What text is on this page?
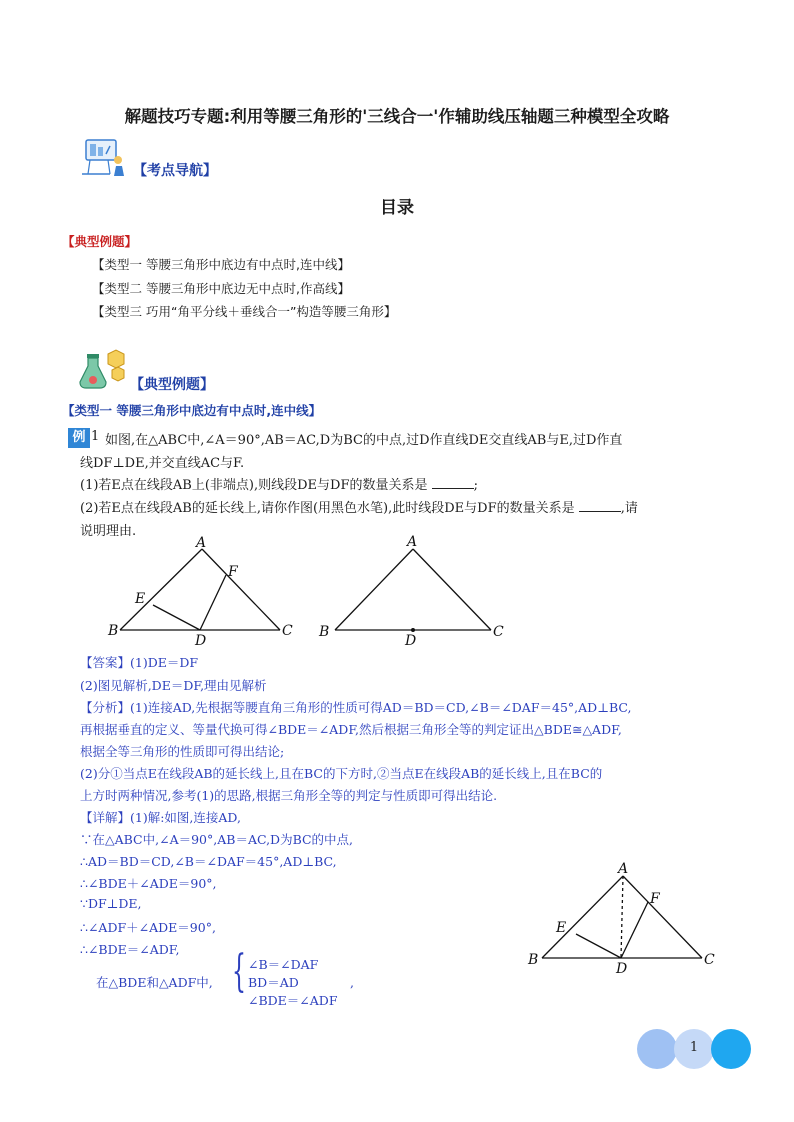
解题技巧专题:利用等腰三角形的'三线合一'作辅助线压轴题三种模型全攻略
【考点导航】
目录
【典型例题】
【类型一 等腰三角形中底边有中点时,连中线】
【类型二 等腰三角形中底边无中点时,作高线】
【类型三 巧用“角平分线＋垂线合一”构造等腰三角形】
【典型例题】
【类型一 等腰三角形中底边有中点时,连中线】
例 1 如图,在△ABC中,∠A＝90°,AB＝AC,D为BC的中点,过D作直线DE交直线AB与E,过D作直
线DF⊥DE,并交直线AC与F.
(1)若E点在线段AB上(非端点),则线段DE与DF的数量关系是	;
(2)若E点在线段AB的延长线上,请你作图(用黑色水笔),此时线段DE与DF的数量关系是	,请
说明理由.
A
B	C
D
E
F
A
B	C
D
【答案】(1)DE＝DF
(2)图见解析,DE＝DF,理由见解析
【分析】(1)连接AD,先根据等腰直角三角形的性质可得AD＝BD＝CD,∠B＝∠DAF＝45°,AD⊥BC,
再根据垂直的定义、等量代换可得∠BDE＝∠ADF,然后根据三角形全等的判定证出△BDE≅△ADF,
根据全等三角形的性质即可得出结论;
(2)分①当点E在线段AB的延长线上,且在BC的下方时,②当点E在线段AB的延长线上,且在BC的
上方时两种情况,参考(1)的思路,根据三角形全等的判定与性质即可得出结论.
【详解】(1)解:如图,连接AD,
∵在△ABC中,∠A＝90°,AB＝AC,D为BC的中点,
∴AD＝BD＝CD,∠B＝∠DAF＝45°,AD⊥BC,
∴∠BDE＋∠ADE＝90°,
∵DF⊥DE,
∴∠ADF＋∠ADE＝90°,
∴∠BDE＝∠ADF,
在△BDE和△ADF中, { ∠B＝∠DAF
BD＝AD
∠BDE＝∠ADF
,
A
B	C
D
E
F
1
